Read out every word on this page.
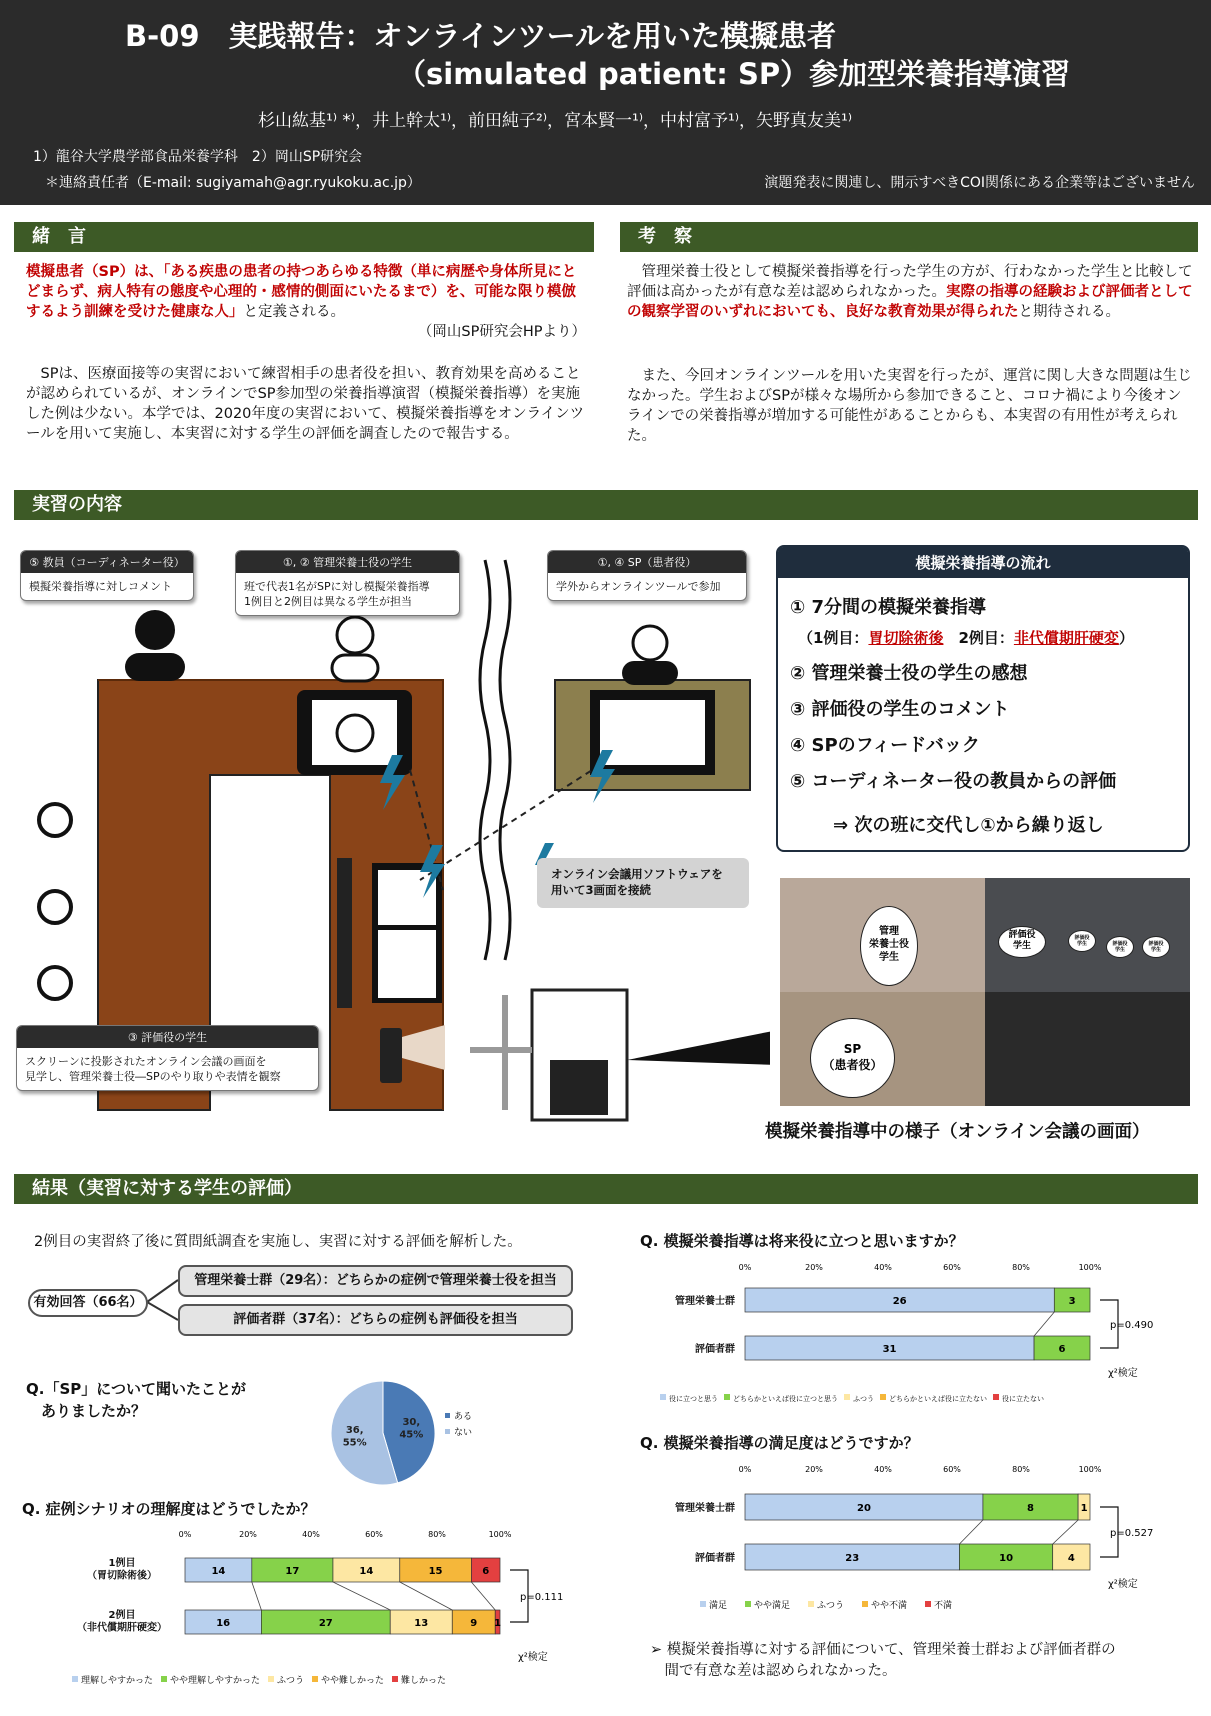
B-09　実践報告：オンラインツールを用いた模擬患者
（simulated patient: SP）参加型栄養指導演習
杉山紘基¹⁾ *⁾，井上幹太¹⁾，前田純子²⁾，宮本賢一¹⁾，中村富予¹⁾，矢野真友美¹⁾
1）龍谷大学農学部食品栄養学科　2）岡山SP研究会
＊連絡責任者（E-mail: sugiyamah@agr.ryukoku.ac.jp）	演題発表に関連し、開示すべきCOI関係にある企業等はございません
緒　言
模擬患者（SP）は、「ある疾患の患者の持つあらゆる特徴（単に病歴や身体所見にとどまらず、病人特有の態度や心理的・感情的側面にいたるまで）を、可能な限り模倣するよう訓練を受けた健康な人」と定義される。
（岡山SP研究会HPより）
SPは、医療面接等の実習において練習相手の患者役を担い、教育効果を高めることが認められているが、オンラインでSP参加型の栄養指導演習（模擬栄養指導）を実施した例は少ない。本学では、2020年度の実習において、模擬栄養指導をオンラインツールを用いて実施し、本実習に対する学生の評価を調査したので報告する。
考　察
管理栄養士役として模擬栄養指導を行った学生の方が、行わなかった学生と比較して評価は高かったが有意な差は認められなかった。実際の指導の経験および評価者としての観察学習のいずれにおいても、良好な教育効果が得られたと期待される。
また、今回オンラインツールを用いた実習を行ったが、運営に関し大きな問題は生じなかった。学生およびSPが様々な場所から参加できること、コロナ禍により今後オンラインでの栄養指導が増加する可能性があることからも、本実習の有用性が考えられた。
実習の内容
⑤ 教員（コーディネーター役）
模擬栄養指導に対しコメント
①, ② 管理栄養士役の学生
班で代表1名がSPに対し模擬栄養指導
1例目と2例目は異なる学生が担当
①, ④ SP（患者役）
学外からオンラインツールで参加
③ 評価役の学生
スクリーンに投影されたオンライン会議の画面を
見学し、管理栄養士役―SPのやり取りや表情を観察
オンライン会議用ソフトウェアを
用いて3画面を接続
模擬栄養指導の流れ
① 7分間の模擬栄養指導
（1例目：胃切除術後　2例目：非代償期肝硬変）
② 管理栄養士役の学生の感想
③ 評価役の学生のコメント
④ SPのフィードバック
⑤ コーディネーター役の教員からの評価
⇒ 次の班に交代し①から繰り返し
管理
栄養士役
学生
評価役
学生
評価役
学生	評価役
学生
評価役
学生
SP
（患者役）
模擬栄養指導中の様子（オンライン会議の画面）
結果（実習に対する学生の評価）
2例目の実習終了後に質問紙調査を実施し、実習に対する評価を解析した。
有効回答（66名）
管理栄養士群（29名）：どちらかの症例で管理栄養士役を担当
評価者群（37名）：どちらの症例も評価役を担当
Q.「SP」について聞いたことが
　ありましたか？
30, 45%
36, 55%
ある
ない
Q. 症例シナリオの理解度はどうでしたか？
0%	20%	40%	60%	80%	100%
14	17	14	15	6
1例目（胃切除術後）
16	27	13	9 1
2例目（非代償期肝硬変）
p=0.111
χ²検定
理解しやすかった やや理解しやすかった ふつう やや難しかった 難しかった
Q. 模擬栄養指導は将来役に立つと思いますか？
0%	20%	40%	60%	80%	100%
26	3
管理栄養士群
31	6
評価者群
p=0.490
χ²検定
役に立つと思う どちらかといえば役に立つと思う ふつう どちらかといえば役に立たない 役に立たない
Q. 模擬栄養指導の満足度はどうですか？
0%	20%	40%	60%	80%	100%
20	8	1
管理栄養士群
23	10	4
評価者群
p=0.527
χ²検定
満足	やや満足	ふつう	やや不満	不満
➢ 模擬栄養指導に対する評価について、管理栄養士群および評価者群の
　間で有意な差は認められなかった。
